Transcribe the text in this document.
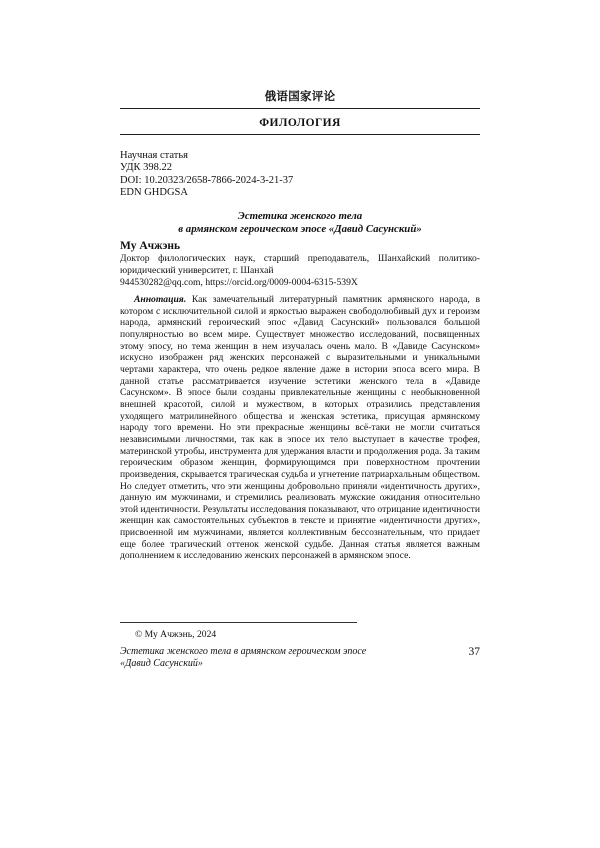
俄语国家评论
ФИЛОЛОГИЯ
Научная статья
УДК 398.22
DOI: 10.20323/2658-7866-2024-3-21-37
EDN GHDGSA
Эстетика женского тела
в армянском героическом эпосе «Давид Сасунский»
Му Ачжэнь
Доктор филологических наук, старший преподаватель, Шанхайский политико-юридический университет, г. Шанхай
944530282@qq.com, https://orcid.org/0009-0004-6315-539X
Аннотация. Как замечательный литературный памятник армянского народа, в котором с исключительной силой и яркостью выражен свободолюбивый дух и героизм народа, армянский героический эпос «Давид Сасунский» пользовался большой популярностью во всем мире. Существует множество исследований, посвященных этому эпосу, но тема женщин в нем изучалась очень мало. В «Давиде Сасунском» искусно изображен ряд женских персонажей с выразительными и уникальными чертами характера, что очень редкое явление даже в истории эпоса всего мира. В данной статье рассматривается изучение эстетики женского тела в «Давиде Сасунском». В эпосе были созданы привлекательные женщины с необыкновенной внешней красотой, силой и мужеством, в которых отразились представления уходящего матрилинейного общества и женская эстетика, присущая армянскому народу того времени. Но эти прекрасные женщины всё-таки не могли считаться независимыми личностями, так как в эпосе их тело выступает в качестве трофея, материнской утробы, инструмента для удержания власти и продолжения рода. За таким героическим образом женщин, формирующимся при поверхностном прочтении произведения, скрывается трагическая судьба и угнетение патриархальным обществом. Но следует отметить, что эти женщины добровольно приняли «идентичность других», данную им мужчинами, и стремились реализовать мужские ожидания относительно этой идентичности. Результаты исследования показывают, что отрицание идентичности женщин как самостоятельных субъектов в тексте и принятие «идентичности других», присвоенной им мужчинами, является коллективным бессознательным, что придает еще более трагический оттенок женской судьбе. Данная статья является важным дополнением к исследованию женских персонажей в армянском эпосе.
© Му Ачжэнь, 2024
Эстетика женского тела в армянском героическом эпосе
«Давид Сасунский»
37
